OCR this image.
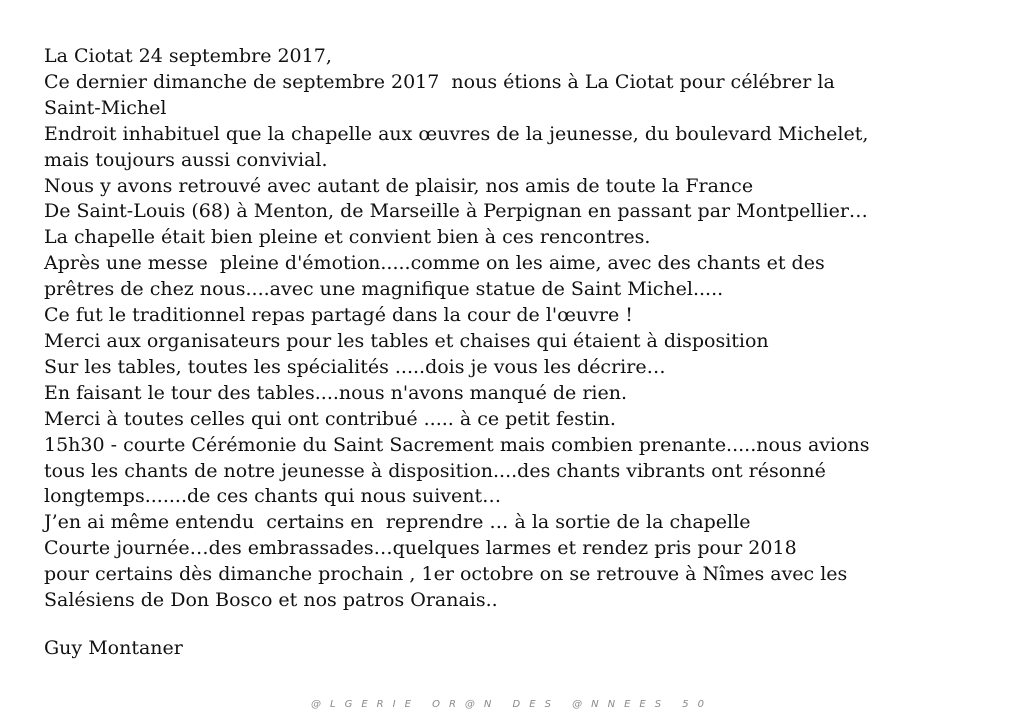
La Ciotat 24 septembre 2017,
Ce dernier dimanche de septembre 2017  nous étions à La Ciotat pour célébrer la
Saint-Michel
Endroit inhabituel que la chapelle aux œuvres de la jeunesse, du boulevard Michelet,
mais toujours aussi convivial.
Nous y avons retrouvé avec autant de plaisir, nos amis de toute la France
De Saint-Louis (68) à Menton, de Marseille à Perpignan en passant par Montpellier…
La chapelle était bien pleine et convient bien à ces rencontres.
Après une messe  pleine d'émotion.....comme on les aime, avec des chants et des
prêtres de chez nous....avec une magnifique statue de Saint Michel.....
Ce fut le traditionnel repas partagé dans la cour de l'œuvre !
Merci aux organisateurs pour les tables et chaises qui étaient à disposition
Sur les tables, toutes les spécialités .....dois je vous les décrire…
En faisant le tour des tables....nous n'avons manqué de rien.
Merci à toutes celles qui ont contribué ..... à ce petit festin.
15h30 - courte Cérémonie du Saint Sacrement mais combien prenante.....nous avions
tous les chants de notre jeunesse à disposition....des chants vibrants ont résonné
longtemps.......de ces chants qui nous suivent…
J’en ai même entendu  certains en  reprendre … à la sortie de la chapelle
Courte journée…des embrassades…quelques larmes et rendez pris pour 2018
pour certains dès dimanche prochain , 1er octobre on se retrouve à Nîmes avec les
Salésiens de Don Bosco et nos patros Oranais..
Guy Montaner
@LGERIE OR@N DES @NNEES 50
